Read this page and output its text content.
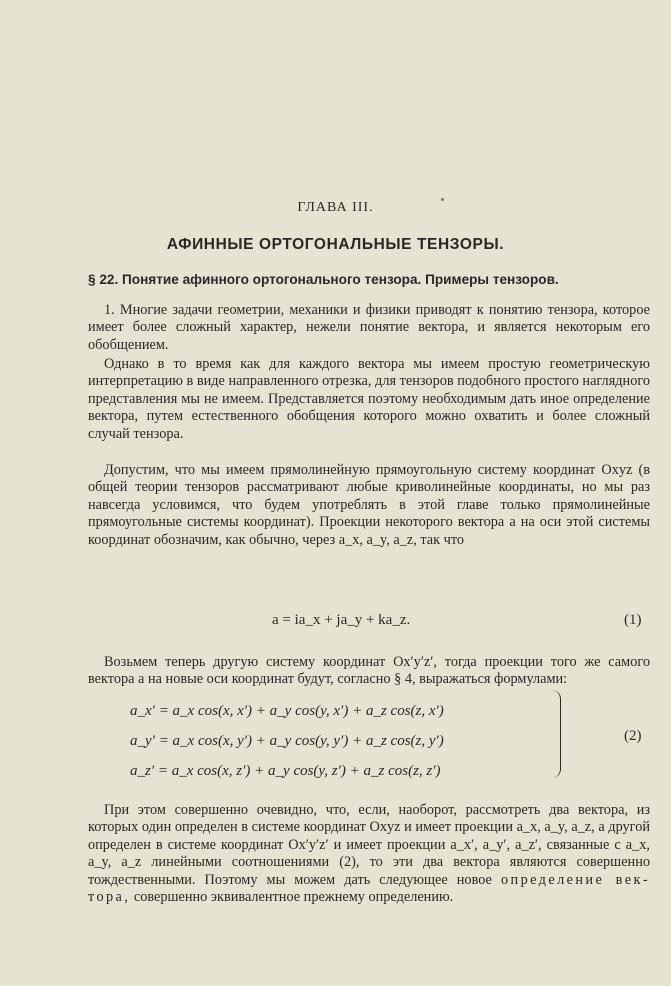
ГЛАВА III.
АФИННЫЕ ОРТОГОНАЛЬНЫЕ ТЕНЗОРЫ.
§ 22. Понятие афинного ортогонального тензора. Примеры тензоров.
1. Многие задачи геометрии, механики и физики приводят к понятию тензора, которое имеет более сложный характер, нежели понятие вектора, и является некоторым его обобщением.
Однако в то время как для каждого вектора мы имеем простую геометрическую интерпретацию в виде направленного отрезка, для тензоров подобного простого наглядного представления мы не имеем. Представляется поэтому необходимым дать иное определение вектора, путем естественного обобщения которого можно охватить и более сложный случай тензора.
Допустим, что мы имеем прямолинейную прямоугольную систему координат Oxyz (в общей теории тензоров рассматривают любые криволинейные координаты, но мы раз навсегда условимся, что будем употреблять в этой главе только прямолинейные прямоугольные системы координат). Проекции некоторого вектора a на оси этой системы координат обозначим, как обычно, через a_x, a_y, a_z, так что
a = ia_x + ja_y + ka_z.	(1)
Возьмем теперь другую систему координат Ox′y′z′, тогда проекции того же самого вектора a на новые оси координат будут, согласно § 4, выражаться формулами:
a_x′ = a_x cos(x, x′) + a_y cos(y, x′) + a_z cos(z, x′)
a_y′ = a_x cos(x, y′) + a_y cos(y, y′) + a_z cos(z, y′)
a_z′ = a_x cos(x, z′) + a_y cos(y, z′) + a_z cos(z, z′)
(2)
При этом совершенно очевидно, что, если, наоборот, рассмотреть два вектора, из которых один определен в системе координат Oxyz и имеет проекции a_x, a_y, a_z, а другой определен в системе координат Ox′y′z′ и имеет проекции a_x′, a_y′, a_z′, связанные с a_x, a_y, a_z линейными соотношениями (2), то эти два вектора являются совершенно тождественными. Поэтому мы можем дать следующее новое определение век- тора, совершенно эквивалентное прежнему определению.
